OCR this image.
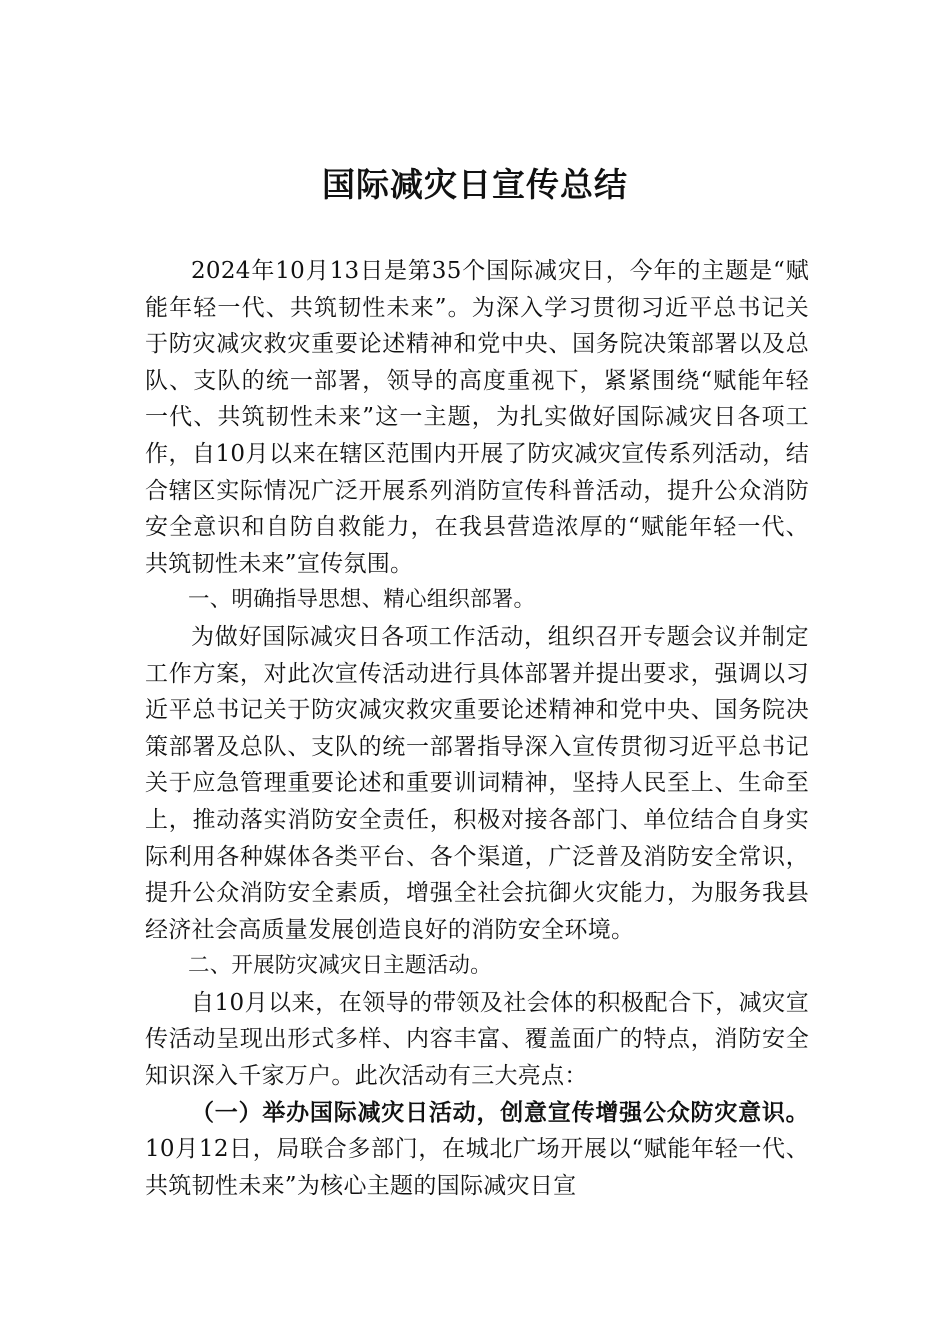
国际减灾日宣传总结

2024年10月13日是第35个国际减灾日，今年的主题是“赋能年轻一代、共筑韧性未来”。为深入学习贯彻习近平总书记关于防灾减灾救灾重要论述精神和党中央、国务院决策部署以及总队、支队的统一部署，领导的高度重视下，紧紧围绕“赋能年轻一代、共筑韧性未来”这一主题，为扎实做好国际减灾日各项工作，自10月以来在辖区范围内开展了防灾减灾宣传系列活动，结合辖区实际情况广泛开展系列消防宣传科普活动，提升公众消防安全意识和自防自救能力，在我县营造浓厚的“赋能年轻一代、共筑韧性未来”宣传氛围。

一、明确指导思想、精心组织部署。

为做好国际减灾日各项工作活动，组织召开专题会议并制定工作方案，对此次宣传活动进行具体部署并提出要求，强调以习近平总书记关于防灾减灾救灾重要论述精神和党中央、国务院决策部署及总队、支队的统一部署指导深入宣传贯彻习近平总书记关于应急管理重要论述和重要训词精神，坚持人民至上、生命至上，推动落实消防安全责任，积极对接各部门、单位结合自身实际利用各种媒体各类平台、各个渠道，广泛普及消防安全常识，提升公众消防安全素质，增强全社会抗御火灾能力，为服务我县经济社会高质量发展创造良好的消防安全环境。

二、开展防灾减灾日主题活动。

自10月以来，在领导的带领及社会体的积极配合下，减灾宣传活动呈现出形式多样、内容丰富、覆盖面广的特点，消防安全知识深入千家万户。此次活动有三大亮点：

（一）举办国际减灾日活动，创意宣传增强公众防灾意识。10月12日，局联合多部门，在城北广场开展以“赋能年轻一代、共筑韧性未来”为核心主题的国际减灾日宣
